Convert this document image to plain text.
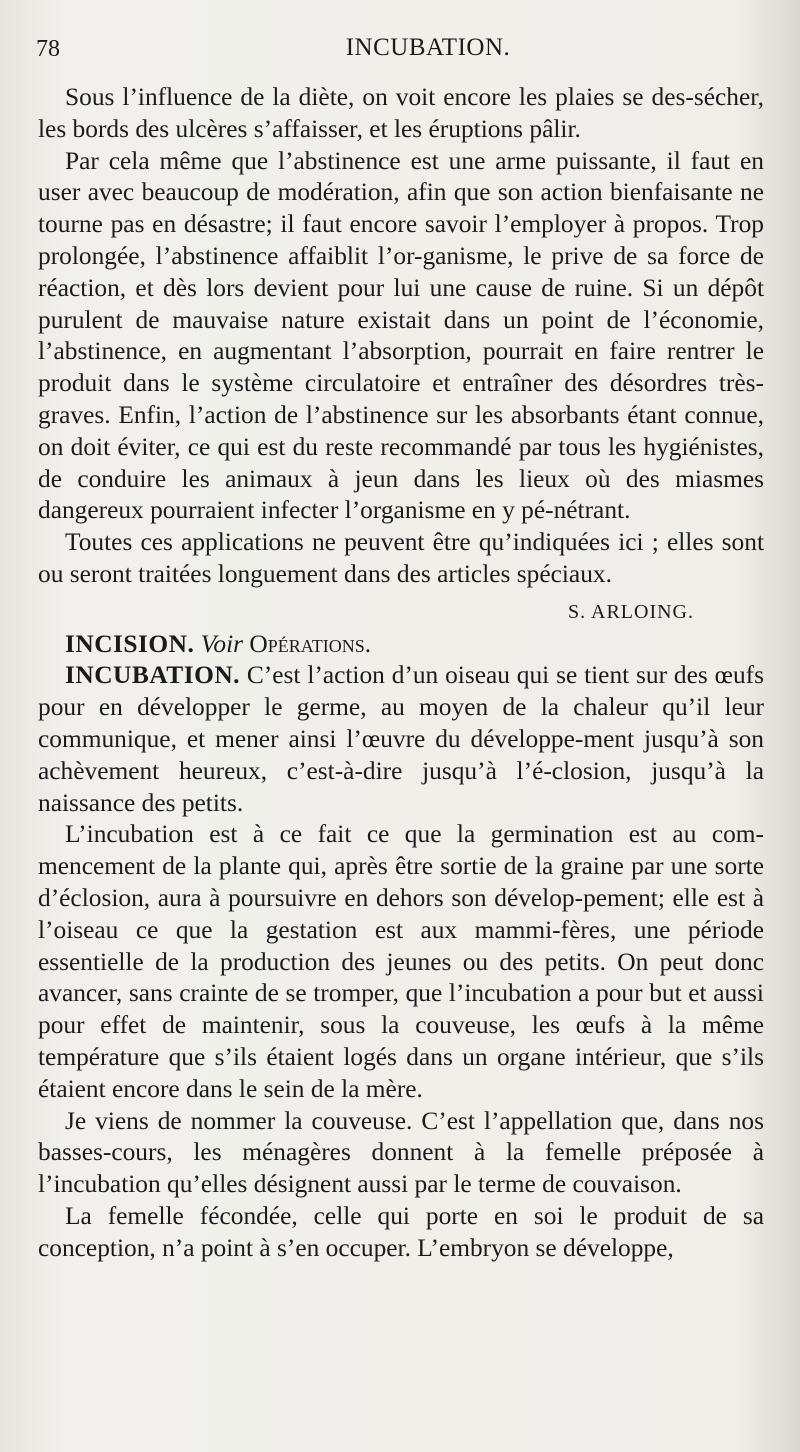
78	INCUBATION.

Sous l’influence de la diète, on voit encore les plaies se des-sécher, les bords des ulcères s’affaisser, et les éruptions pâlir.

Par cela même que l’abstinence est une arme puissante, il faut en user avec beaucoup de modération, afin que son action bienfaisante ne tourne pas en désastre; il faut encore savoir l’employer à propos. Trop prolongée, l’abstinence affaiblit l’or-ganisme, le prive de sa force de réaction, et dès lors devient pour lui une cause de ruine. Si un dépôt purulent de mauvaise nature existait dans un point de l’économie, l’abstinence, en augmentant l’absorption, pourrait en faire rentrer le produit dans le système circulatoire et entraîner des désordres très-graves. Enfin, l’action de l’abstinence sur les absorbants étant connue, on doit éviter, ce qui est du reste recommandé par tous les hygiénistes, de conduire les animaux à jeun dans les lieux où des miasmes dangereux pourraient infecter l’organisme en y pé-nétrant.

Toutes ces applications ne peuvent être qu’indiquées ici ; elles sont ou seront traitées longuement dans des articles spéciaux.

S. ARLOING.

INCISION. Voir Opérations.

INCUBATION. C’est l’action d’un oiseau qui se tient sur des œufs pour en développer le germe, au moyen de la chaleur qu’il leur communique, et mener ainsi l’œuvre du développe-ment jusqu’à son achèvement heureux, c’est-à-dire jusqu’à l’é-closion, jusqu’à la naissance des petits.

L’incubation est à ce fait ce que la germination est au com-mencement de la plante qui, après être sortie de la graine par une sorte d’éclosion, aura à poursuivre en dehors son dévelop-pement; elle est à l’oiseau ce que la gestation est aux mammi-fères, une période essentielle de la production des jeunes ou des petits. On peut donc avancer, sans crainte de se tromper, que l’incubation a pour but et aussi pour effet de maintenir, sous la couveuse, les œufs à la même température que s’ils étaient logés dans un organe intérieur, que s’ils étaient encore dans le sein de la mère.

Je viens de nommer la couveuse. C’est l’appellation que, dans nos basses-cours, les ménagères donnent à la femelle préposée à l’incubation qu’elles désignent aussi par le terme de couvaison.

La femelle fécondée, celle qui porte en soi le produit de sa conception, n’a point à s’en occuper. L’embryon se développe,
